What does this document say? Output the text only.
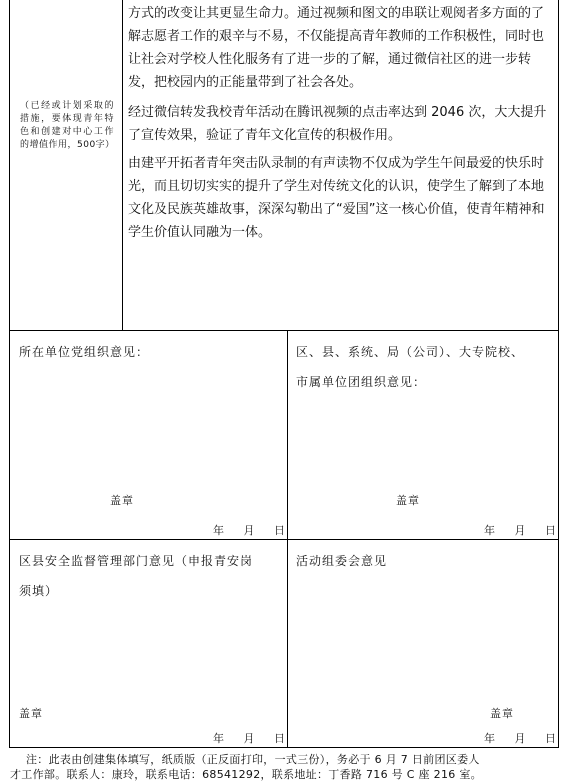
（已经或计划采取的措施，要体现青年特色和创建对中心工作的增值作用，500字）

方式的改变让其更显生命力。通过视频和图文的串联让观阅者多方面的了解志愿者工作的艰辛与不易，不仅能提高青年教师的工作积极性，同时也让社会对学校人性化服务有了进一步的了解，通过微信社区的进一步转发，把校园内的正能量带到了社会各处。

经过微信转发我校青年活动在腾讯视频的点击率达到 2046 次，大大提升了宣传效果，验证了青年文化宣传的积极作用。

由建平开拓者青年突击队录制的有声读物不仅成为学生午间最爱的快乐时光，而且切切实实的提升了学生对传统文化的认识，使学生了解到了本地文化及民族英雄故事，深深勾勒出了“爱国”这一核心价值，使青年精神和学生价值认同融为一体。

所在单位党组织意见：
盖章
年 月 日
区、县、系统、局（公司）、大专院校、
市属单位团组织意见：
盖章
年 月 日
区县安全监督管理部门意见（申报青安岗
须填）
盖章
年 月 日
活动组委会意见
盖章
年 月 日
注：此表由创建集体填写，纸质版（正反面打印，一式三份），务必于 6 月 7 日前团区委人
才工作部。联系人：康玲，联系电话：68541292，联系地址：丁香路 716 号 C 座 216 室。
